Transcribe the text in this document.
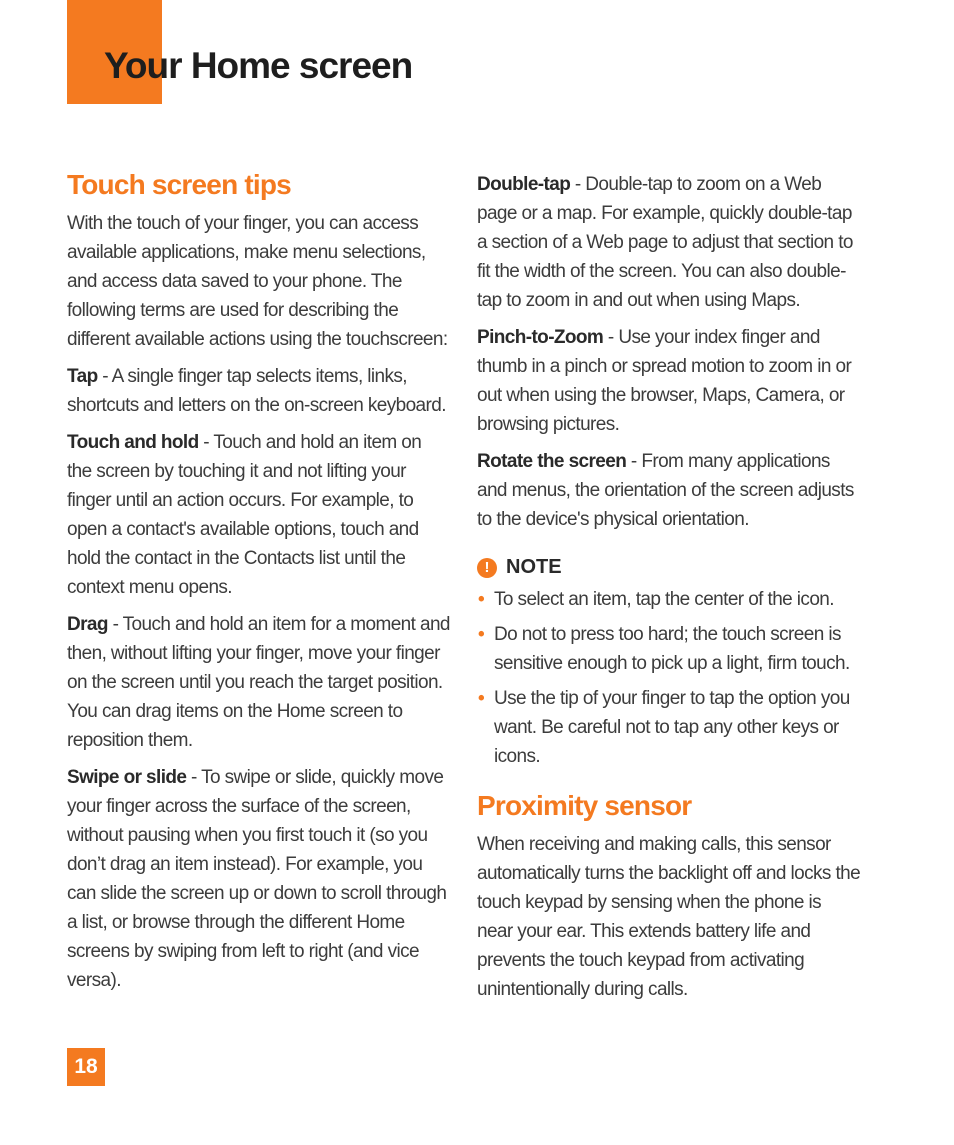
Your Home screen
Touch screen tips

With the touch of your finger, you can access available applications, make menu selections, and access data saved to your phone. The following terms are used for describing the different available actions using the touchscreen:

Tap - A single finger tap selects items, links, shortcuts and letters on the on-screen keyboard.

Touch and hold - Touch and hold an item on the screen by touching it and not lifting your finger until an action occurs. For example, to open a contact's available options, touch and hold the contact in the Contacts list until the context menu opens.

Drag - Touch and hold an item for a moment and then, without lifting your finger, move your finger on the screen until you reach the target position. You can drag items on the Home screen to reposition them.

Swipe or slide - To swipe or slide, quickly move your finger across the surface of the screen, without pausing when you first touch it (so you don’t drag an item instead). For example, you can slide the screen up or down to scroll through a list, or browse through the different Home screens by swiping from left to right (and vice versa).

Double-tap - Double-tap to zoom on a Web page or a map. For example, quickly double-tap a section of a Web page to adjust that section to fit the width of the screen. You can also double-tap to zoom in and out when using Maps.

Pinch-to-Zoom - Use your index finger and thumb in a pinch or spread motion to zoom in or out when using the browser, Maps, Camera, or browsing pictures.

Rotate the screen - From many applications and menus, the orientation of the screen adjusts to the device's physical orientation.

! NOTE
• To select an item, tap the center of the icon.
• Do not to press too hard; the touch screen is sensitive enough to pick up a light, firm touch.
• Use the tip of your finger to tap the option you want. Be careful not to tap any other keys or icons.
Proximity sensor

When receiving and making calls, this sensor automatically turns the backlight off and locks the touch keypad by sensing when the phone is near your ear. This extends battery life and prevents the touch keypad from activating unintentionally during calls.

18
